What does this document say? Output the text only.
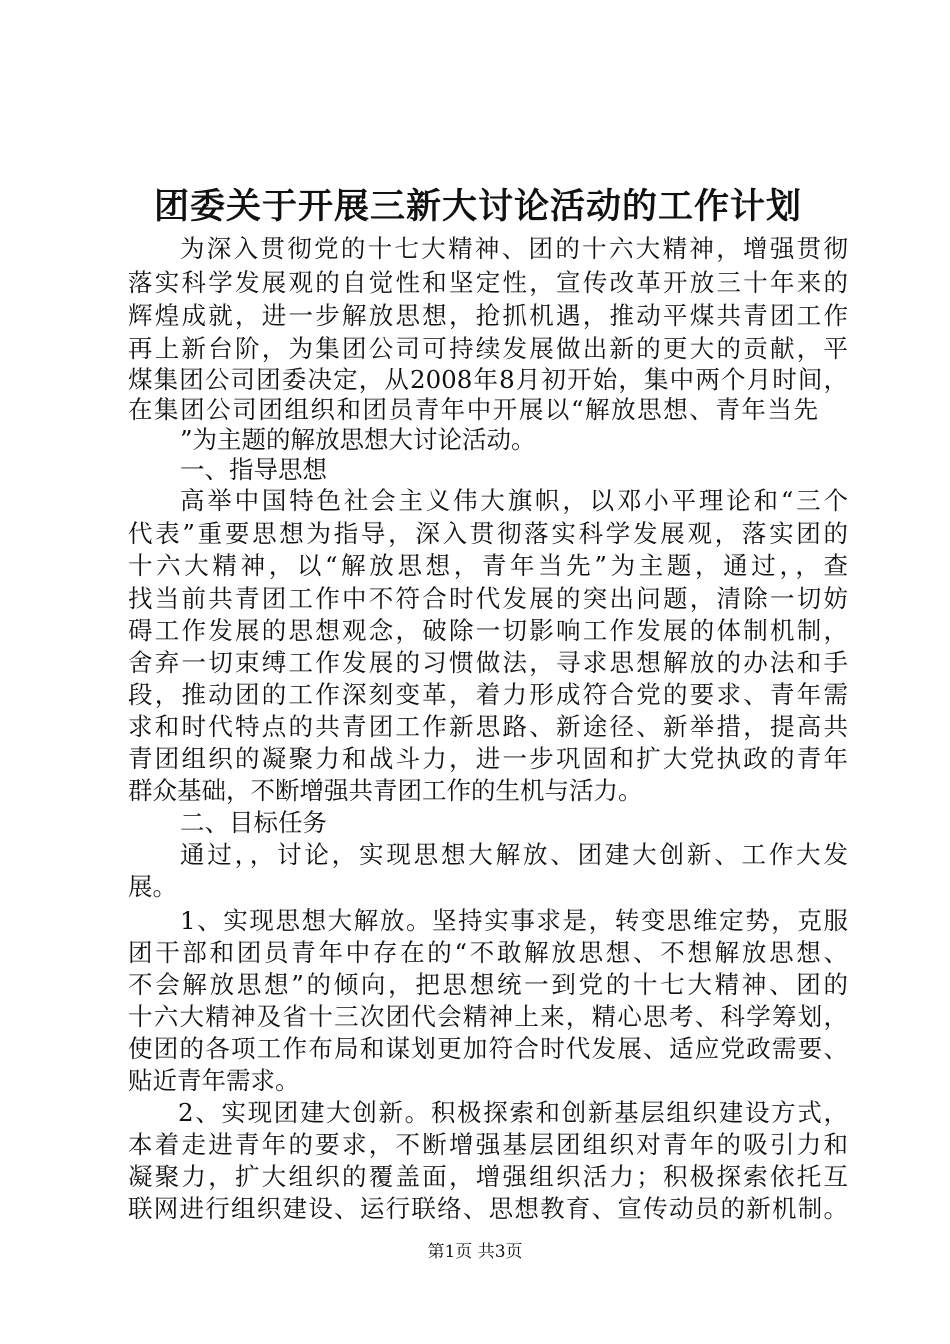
团委关于开展三新大讨论活动的工作计划
为深入贯彻党的十七大精神、团的十六大精神，增强贯彻
落实科学发展观的自觉性和坚定性，宣传改革开放三十年来的
辉煌成就，进一步解放思想，抢抓机遇，推动平煤共青团工作
再上新台阶，为集团公司可持续发展做出新的更大的贡献，平
煤集团公司团委决定，从2008年8月初开始，集中两个月时间，
在集团公司团组织和团员青年中开展以“解放思想、青年当先
”为主题的解放思想大讨论活动。
一、指导思想
高举中国特色社会主义伟大旗帜，以邓小平理论和“三个
代表”重要思想为指导，深入贯彻落实科学发展观，落实团的
十六大精神，以“解放思想，青年当先”为主题，通过，，查
找当前共青团工作中不符合时代发展的突出问题，清除一切妨
碍工作发展的思想观念，破除一切影响工作发展的体制机制，
舍弃一切束缚工作发展的习惯做法，寻求思想解放的办法和手
段，推动团的工作深刻变革，着力形成符合党的要求、青年需
求和时代特点的共青团工作新思路、新途径、新举措，提高共
青团组织的凝聚力和战斗力，进一步巩固和扩大党执政的青年
群众基础，不断增强共青团工作的生机与活力。
二、目标任务
通过，，讨论，实现思想大解放、团建大创新、工作大发
展。
1、实现思想大解放。坚持实事求是，转变思维定势，克服
团干部和团员青年中存在的“不敢解放思想、不想解放思想、
不会解放思想”的倾向，把思想统一到党的十七大精神、团的
十六大精神及省十三次团代会精神上来，精心思考、科学筹划，
使团的各项工作布局和谋划更加符合时代发展、适应党政需要、
贴近青年需求。
2、实现团建大创新。积极探索和创新基层组织建设方式，
本着走进青年的要求，不断增强基层团组织对青年的吸引力和
凝聚力，扩大组织的覆盖面，增强组织活力；积极探索依托互
联网进行组织建设、运行联络、思想教育、宣传动员的新机制。
第1页 共3页
